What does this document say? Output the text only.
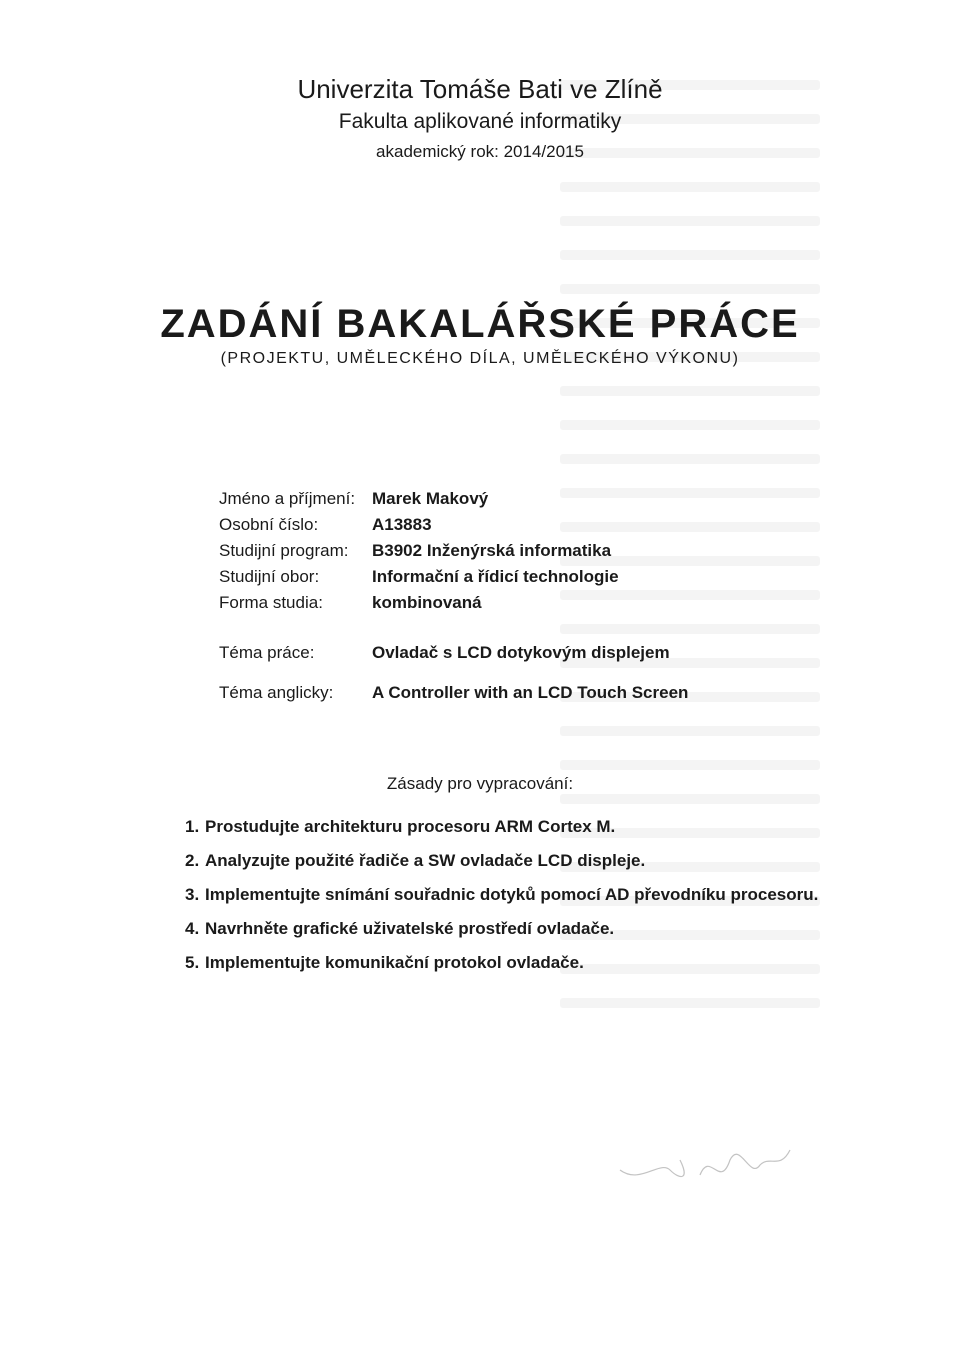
Univerzita Tomáše Bati ve Zlíně
Fakulta aplikované informatiky
akademický rok: 2014/2015
ZADÁNÍ BAKALÁŘSKÉ PRÁCE
(PROJEKTU, UMĚLECKÉHO DÍLA, UMĚLECKÉHO VÝKONU)
Jméno a příjmení: Marek Makový
Osobní číslo:	A13883
Studijní program:	B3902 Inženýrská informatika
Studijní obor:	Informační a řídicí technologie
Forma studia:	kombinovaná
Téma práce:	Ovladač s LCD dotykovým displejem
Téma anglicky:	A Controller with an LCD Touch Screen
Zásady pro vypracování:
1. Prostudujte architekturu procesoru ARM Cortex M.
2. Analyzujte použité řadiče a SW ovladače LCD displeje.
3. Implementujte snímání souřadnic dotyků pomocí AD převodníku procesoru.
4. Navrhněte grafické uživatelské prostředí ovladače.
5. Implementujte komunikační protokol ovladače.
